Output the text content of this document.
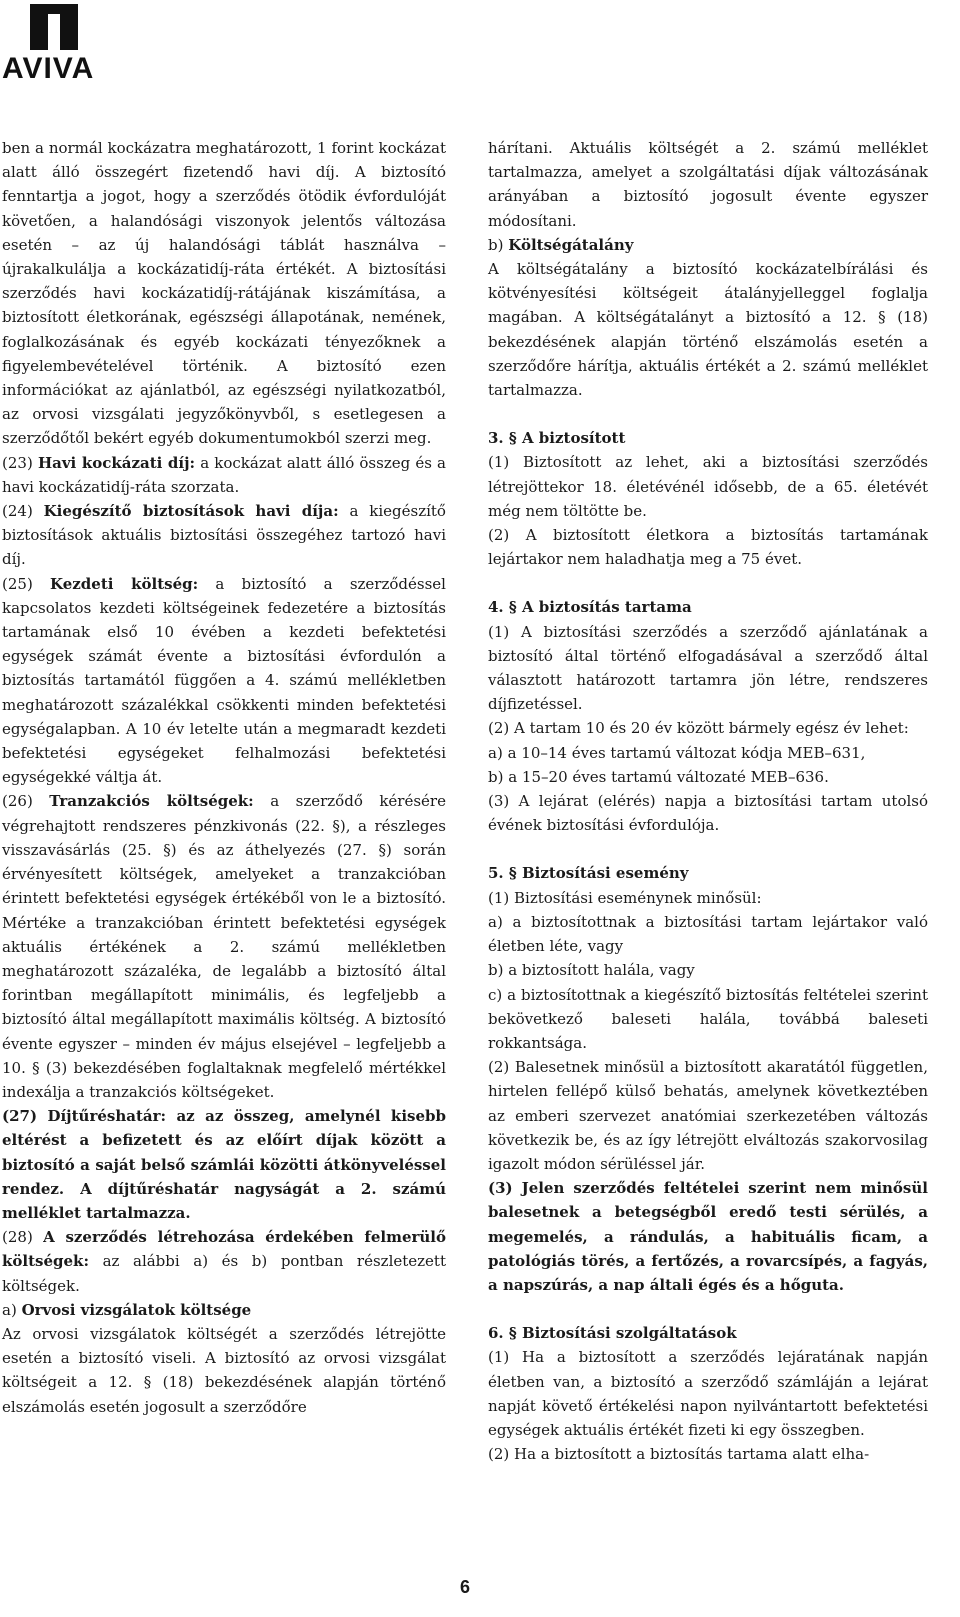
AVIVA

ben a normál kockázatra meghatározott, 1 forint kockázat alatt álló összegért fizetendő havi díj. A biztosító fenntartja a jogot, hogy a szerződés ötödik évfordulóját követően, a halandósági viszonyok jelentős változása esetén – az új halandósági táblát használva – újrakalkulálja a kockázatidíj-ráta értékét. A biztosítási szerződés havi kockázatidíj-rátájának kiszámítása, a biztosított életkorának, egészségi állapotának, nemének, foglalkozásának és egyéb kockázati tényezőknek a figyelembevételével történik. A biztosító ezen információkat az ajánlatból, az egészségi nyilatkozatból, az orvosi vizsgálati jegyzőkönyvből, s esetlegesen a szerződőtől bekért egyéb dokumentumokból szerzi meg.

(23) Havi kockázati díj: a kockázat alatt álló összeg és a havi kockázatidíj-ráta szorzata.

(24) Kiegészítő biztosítások havi díja: a kiegészítő biztosítások aktuális biztosítási összegéhez tartozó havi díj.

(25) Kezdeti költség: a biztosító a szerződéssel kapcsolatos kezdeti költségeinek fedezetére a biztosítás tartamának első 10 évében a kezdeti befektetési egységek számát évente a biztosítási évfordulón a biztosítás tartamától függően a 4. számú mellékletben meghatározott százalékkal csökkenti minden befektetési egységalapban. A 10 év letelte után a megmaradt kezdeti befektetési egységeket felhalmozási befektetési egységekké váltja át.

(26) Tranzakciós költségek: a szerződő kérésére végrehajtott rendszeres pénzkivonás (22. §), a részleges visszavásárlás (25. §) és az áthelyezés (27. §) során érvényesített költségek, amelyeket a tranzakcióban érintett befektetési egységek értékéből von le a biztosító. Mértéke a tranzakcióban érintett befektetési egységek aktuális értékének a 2. számú mellékletben meghatározott százaléka, de legalább a biztosító által forintban megállapított minimális, és legfeljebb a biztosító által megállapított maximális költség. A biztosító évente egyszer – minden év május elsejével – legfeljebb a 10. § (3) bekezdésében foglaltaknak megfelelő mértékkel indexálja a tranzakciós költségeket.

(27) Díjtűréshatár: az az összeg, amelynél kisebb eltérést a befizetett és az előírt díjak között a biztosító a saját belső számlái közötti átkönyveléssel rendez. A díjtűréshatár nagyságát a 2. számú melléklet tartalmazza.

(28) A szerződés létrehozása érdekében felmerülő költségek: az alábbi a) és b) pontban részletezett költségek.

a) Orvosi vizsgálatok költsége

Az orvosi vizsgálatok költségét a szerződés létrejötte esetén a biztosító viseli. A biztosító az orvosi vizsgálat költségeit a 12. § (18) bekezdésének alapján történő elszámolás esetén jogosult a szerződőre

hárítani. Aktuális költségét a 2. számú melléklet tartalmazza, amelyet a szolgáltatási díjak változásának arányában a biztosító jogosult évente egyszer módosítani.

b) Költségátalány

A költségátalány a biztosító kockázatelbírálási és kötvényesítési költségeit átalányjelleggel foglalja magában. A költségátalányt a biztosító a 12. § (18) bekezdésének alapján történő elszámolás esetén a szerződőre hárítja, aktuális értékét a 2. számú melléklet tartalmazza.

3. § A biztosított

(1) Biztosított az lehet, aki a biztosítási szerződés létrejöttekor 18. életévénél idősebb, de a 65. életévét még nem töltötte be.

(2) A biztosított életkora a biztosítás tartamának lejártakor nem haladhatja meg a 75 évet.

4. § A biztosítás tartama

(1) A biztosítási szerződés a szerződő ajánlatának a biztosító által történő elfogadásával a szerződő által választott határozott tartamra jön létre, rendszeres díjfizetéssel.

(2) A tartam 10 és 20 év között bármely egész év lehet:

a) a 10–14 éves tartamú változat kódja MEB–631,

b) a 15–20 éves tartamú változaté MEB–636.

(3) A lejárat (elérés) napja a biztosítási tartam utolsó évének biztosítási évfordulója.

5. § Biztosítási esemény

(1) Biztosítási eseménynek minősül:

a) a biztosítottnak a biztosítási tartam lejártakor való életben léte, vagy

b) a biztosított halála, vagy

c) a biztosítottnak a kiegészítő biztosítás feltételei szerint bekövetkező baleseti halála, továbbá baleseti rokkantsága.

(2) Balesetnek minősül a biztosított akaratától független, hirtelen fellépő külső behatás, amelynek következtében az emberi szervezet anatómiai szerkezetében változás következik be, és az így létrejött elváltozás szakorvosilag igazolt módon sérüléssel jár.

(3) Jelen szerződés feltételei szerint nem minősül balesetnek a betegségből eredő testi sérülés, a megemelés, a rándulás, a habituális ficam, a patológiás törés, a fertőzés, a rovarcsípés, a fagyás, a napszúrás, a nap általi égés és a hőguta.

6. § Biztosítási szolgáltatások

(1) Ha a biztosított a szerződés lejáratának napján életben van, a biztosító a szerződő számláján a lejárat napját követő értékelési napon nyilvántartott befektetési egységek aktuális értékét fizeti ki egy összegben.

(2) Ha a biztosított a biztosítás tartama alatt elha-

6
